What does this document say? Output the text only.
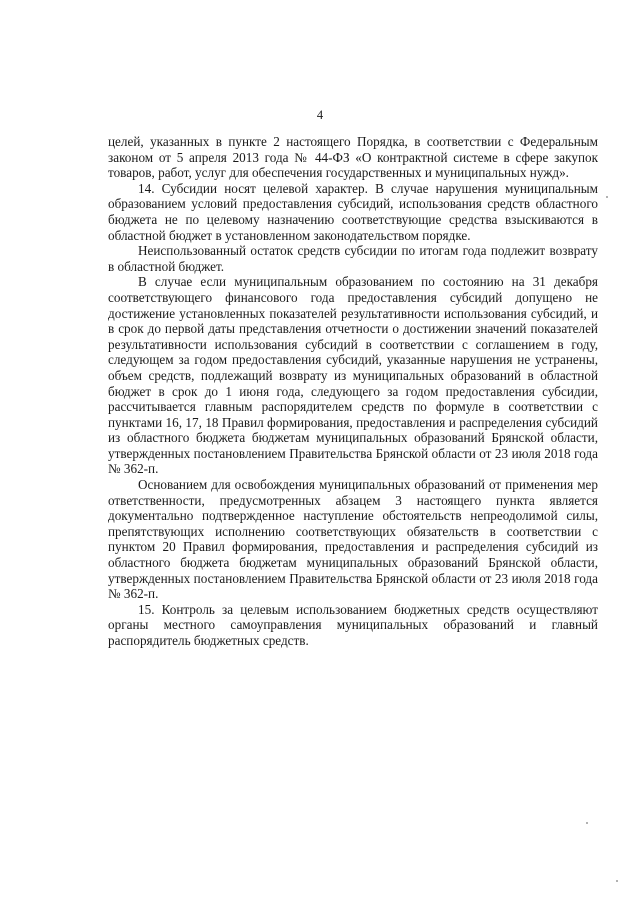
4

целей, указанных в пункте 2 настоящего Порядка, в соответствии с Федеральным законом от 5 апреля 2013 года № 44-ФЗ «О контрактной системе в сфере закупок товаров, работ, услуг для обеспечения государственных и муниципальных нужд».

14. Субсидии носят целевой характер. В случае нарушения муниципальным образованием условий предоставления субсидий, использования средств областного бюджета не по целевому назначению соответствующие средства взыскиваются в областной бюджет в установленном законодательством порядке.

Неиспользованный остаток средств субсидии по итогам года подлежит возврату в областной бюджет.

В случае если муниципальным образованием по состоянию на 31 декабря соответствующего финансового года предоставления субсидий допущено не достижение установленных показателей результативности использования субсидий, и в срок до первой даты представления отчетности о достижении значений показателей результативности использования субсидий в соответствии с соглашением в году, следующем за годом предоставления субсидий, указанные нарушения не устранены, объем средств, подлежащий возврату из муниципальных образований в областной бюджет в срок до 1 июня года, следующего за годом предоставления субсидии, рассчитывается главным распорядителем средств по формуле в соответствии с пунктами 16, 17, 18 Правил формирования, предоставления и распределения субсидий из областного бюджета бюджетам муниципальных образований Брянской области, утвержденных постановлением Правительства Брянской области от 23 июля 2018 года № 362-п.

Основанием для освобождения муниципальных образований от применения мер ответственности, предусмотренных абзацем 3 настоящего пункта является документально подтвержденное наступление обстоятельств непреодолимой силы, препятствующих исполнению соответствующих обязательств в соответствии с пунктом 20 Правил формирования, предоставления и распределения субсидий из областного бюджета бюджетам муниципальных образований Брянской области, утвержденных постановлением Правительства Брянской области от 23 июля 2018 года № 362-п.

15. Контроль за целевым использованием бюджетных средств осуществляют органы местного самоуправления муниципальных образований и главный распорядитель бюджетных средств.
